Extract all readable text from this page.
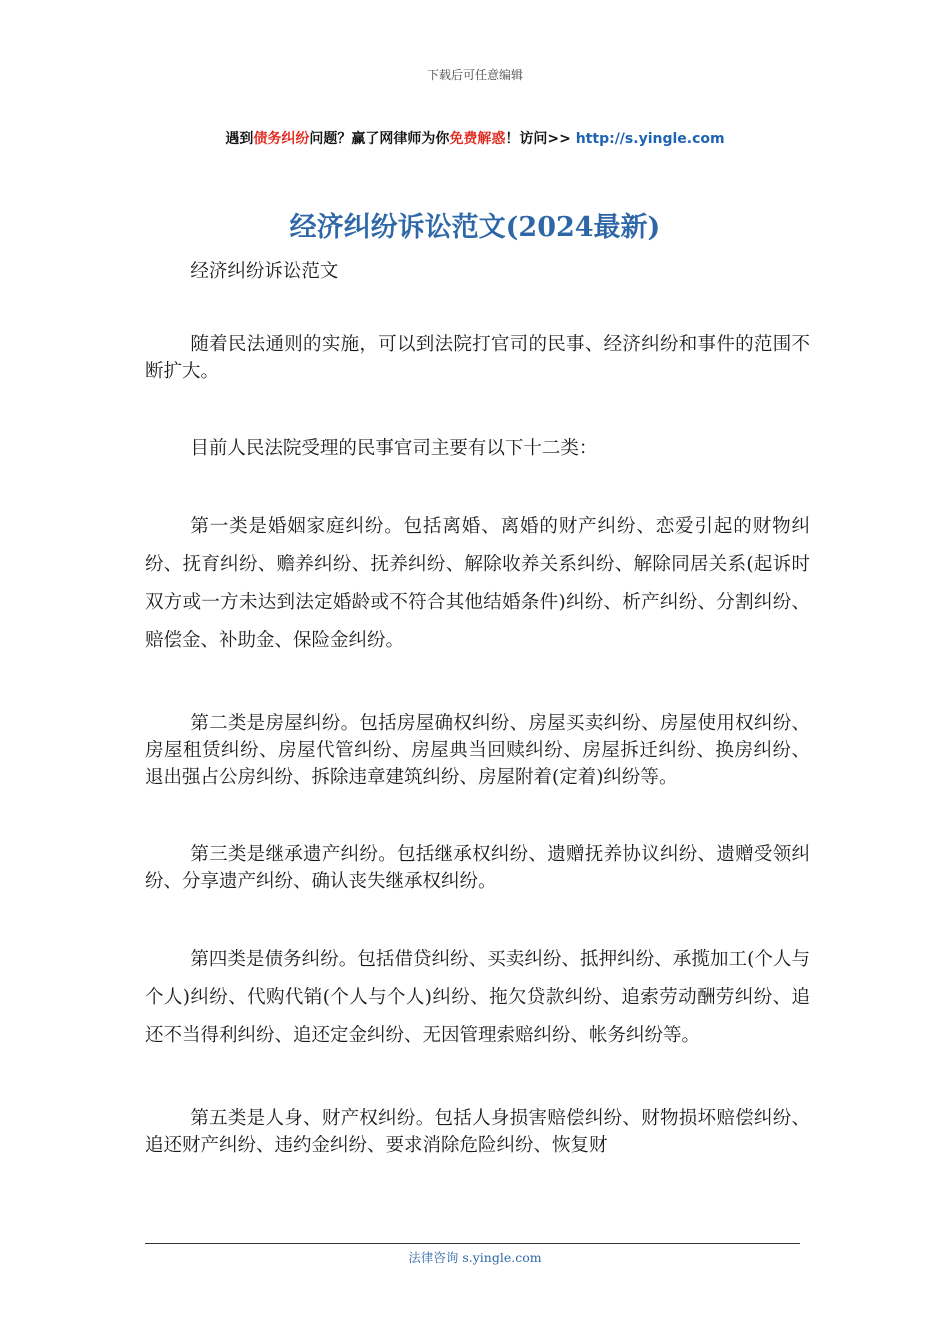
下载后可任意编辑
遇到债务纠纷问题？赢了网律师为你免费解惑！访问>> http://s.yingle.com
经济纠纷诉讼范文(2024最新)

经济纠纷诉讼范文

随着民法通则的实施，可以到法院打官司的民事、经济纠纷和事件的范围不断扩大。

目前人民法院受理的民事官司主要有以下十二类：

第一类是婚姻家庭纠纷。包括离婚、离婚的财产纠纷、恋爱引起的财物纠纷、抚育纠纷、赡养纠纷、抚养纠纷、解除收养关系纠纷、解除同居关系(起诉时双方或一方未达到法定婚龄或不符合其他结婚条件)纠纷、析产纠纷、分割纠纷、赔偿金、补助金、保险金纠纷。

第二类是房屋纠纷。包括房屋确权纠纷、房屋买卖纠纷、房屋使用权纠纷、房屋租赁纠纷、房屋代管纠纷、房屋典当回赎纠纷、房屋拆迁纠纷、换房纠纷、退出强占公房纠纷、拆除违章建筑纠纷、房屋附着(定着)纠纷等。

第三类是继承遗产纠纷。包括继承权纠纷、遗赠抚养协议纠纷、遗赠受领纠纷、分享遗产纠纷、确认丧失继承权纠纷。

第四类是债务纠纷。包括借贷纠纷、买卖纠纷、抵押纠纷、承揽加工(个人与个人)纠纷、代购代销(个人与个人)纠纷、拖欠贷款纠纷、追索劳动酬劳纠纷、追还不当得利纠纷、追还定金纠纷、无因管理索赔纠纷、帐务纠纷等。

第五类是人身、财产权纠纷。包括人身损害赔偿纠纷、财物损坏赔偿纠纷、追还财产纠纷、违约金纠纷、要求消除危险纠纷、恢复财

法律咨询 s.yingle.com
